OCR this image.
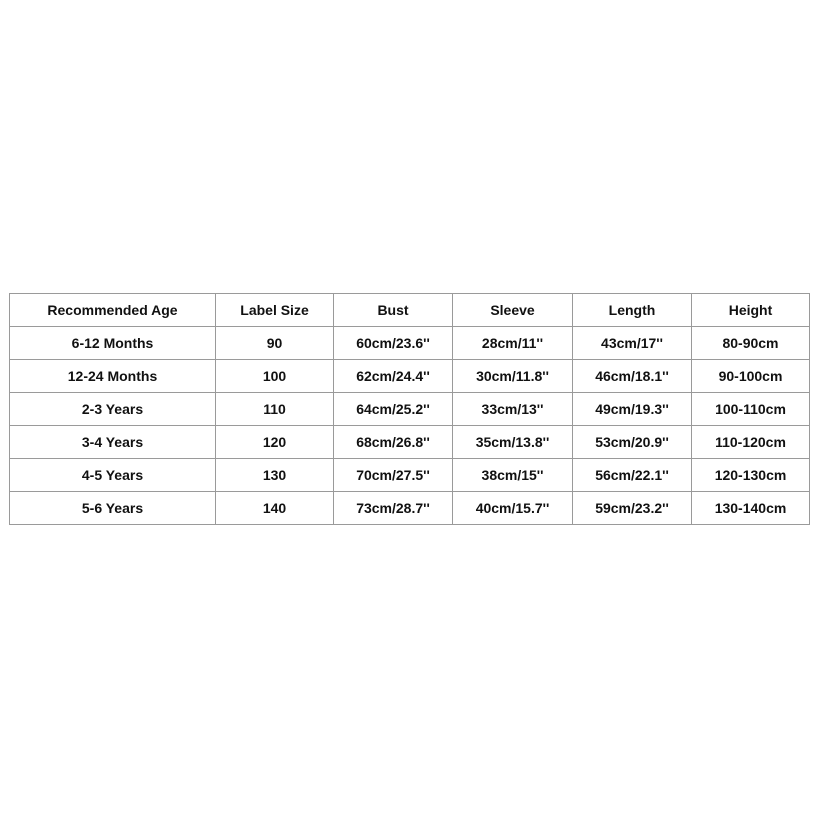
Recommended Age	Label Size	Bust	Sleeve	Length	Height
6-12 Months	90	60cm/23.6''	28cm/11''	43cm/17''	80-90cm
12-24 Months	100	62cm/24.4''	30cm/11.8''	46cm/18.1''	90-100cm
2-3 Years	110	64cm/25.2''	33cm/13''	49cm/19.3''	100-110cm
3-4 Years	120	68cm/26.8''	35cm/13.8''	53cm/20.9''	110-120cm
4-5 Years	130	70cm/27.5''	38cm/15''	56cm/22.1''	120-130cm
5-6 Years	140	73cm/28.7''	40cm/15.7''	59cm/23.2''	130-140cm
